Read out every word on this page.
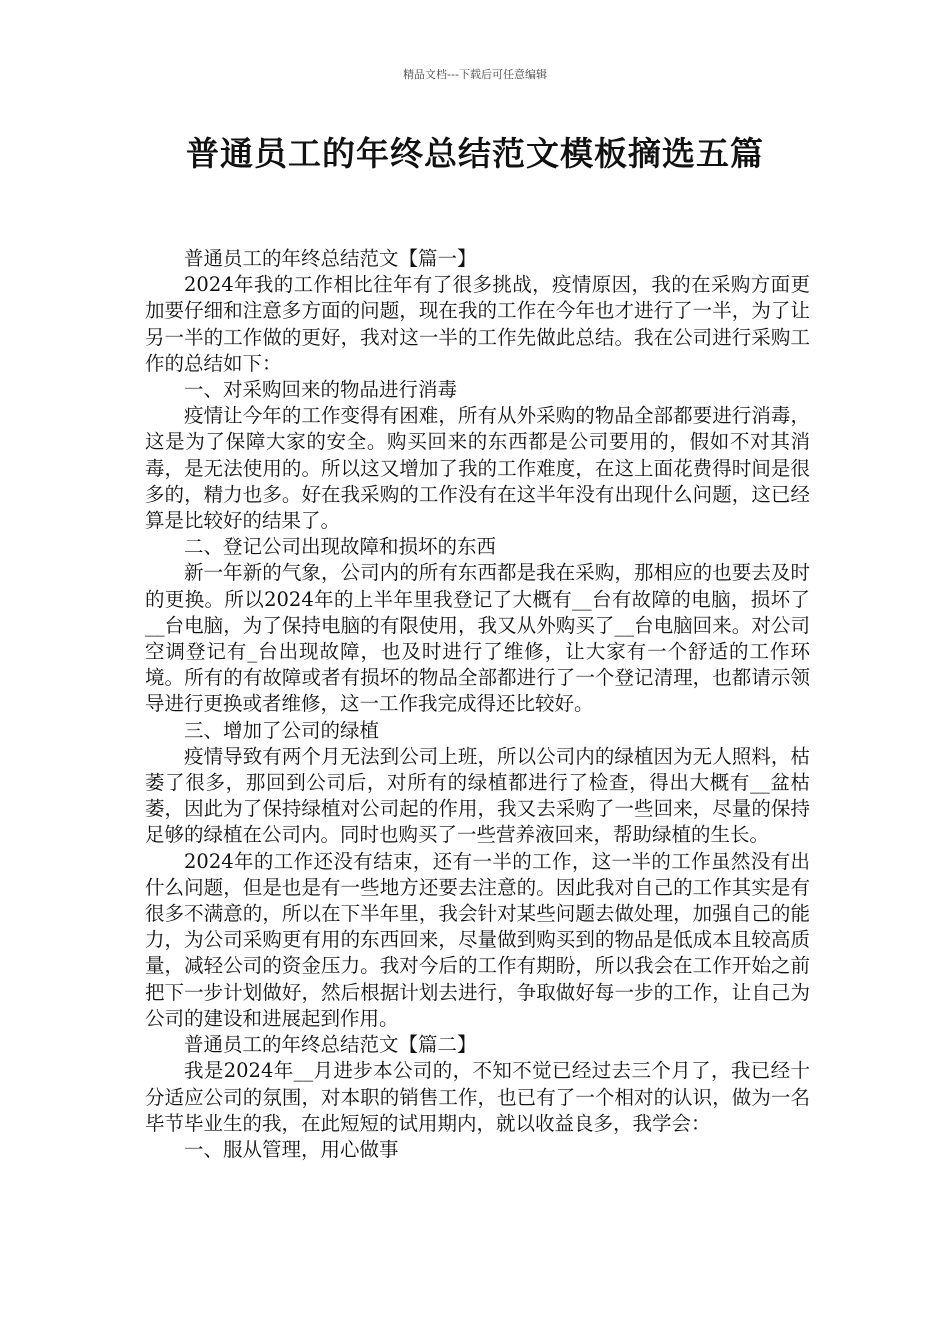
精品文档---下载后可任意编辑
普通员工的年终总结范文模板摘选五篇

普通员工的年终总结范文【篇一】

2024年我的工作相比往年有了很多挑战，疫情原因，我的在采购方面更加要仔细和注意多方面的问题，现在我的工作在今年也才进行了一半，为了让另一半的工作做的更好，我对这一半的工作先做此总结。我在公司进行采购工作的总结如下：

一、对采购回来的物品进行消毒

疫情让今年的工作变得有困难，所有从外采购的物品全部都要进行消毒，这是为了保障大家的安全。购买回来的东西都是公司要用的，假如不对其消毒，是无法使用的。所以这又增加了我的工作难度，在这上面花费得时间是很多的，精力也多。好在我采购的工作没有在这半年没有出现什么问题，这已经算是比较好的结果了。

二、登记公司出现故障和损坏的东西

新一年新的气象，公司内的所有东西都是我在采购，那相应的也要去及时的更换。所以2024年的上半年里我登记了大概有__台有故障的电脑，损坏了__台电脑，为了保持电脑的有限使用，我又从外购买了__台电脑回来。对公司空调登记有_台出现故障，也及时进行了维修，让大家有一个舒适的工作环境。所有的有故障或者有损坏的物品全部都进行了一个登记清理，也都请示领导进行更换或者维修，这一工作我完成得还比较好。

三、增加了公司的绿植

疫情导致有两个月无法到公司上班，所以公司内的绿植因为无人照料，枯萎了很多，那回到公司后，对所有的绿植都进行了检查，得出大概有__盆枯萎，因此为了保持绿植对公司起的作用，我又去采购了一些回来，尽量的保持足够的绿植在公司内。同时也购买了一些营养液回来，帮助绿植的生长。

2024年的工作还没有结束，还有一半的工作，这一半的工作虽然没有出什么问题，但是也是有一些地方还要去注意的。因此我对自己的工作其实是有很多不满意的，所以在下半年里，我会针对某些问题去做处理，加强自己的能力，为公司采购更有用的东西回来，尽量做到购买到的物品是低成本且较高质量，减轻公司的资金压力。我对今后的工作有期盼，所以我会在工作开始之前把下一步计划做好，然后根据计划去进行，争取做好每一步的工作，让自己为公司的建设和进展起到作用。

普通员工的年终总结范文【篇二】

我是2024年__月进步本公司的，不知不觉已经过去三个月了，我已经十分适应公司的氛围，对本职的销售工作，也已有了一个相对的认识，做为一名毕节毕业生的我，在此短短的试用期内，就以收益良多，我学会：

一、服从管理，用心做事
